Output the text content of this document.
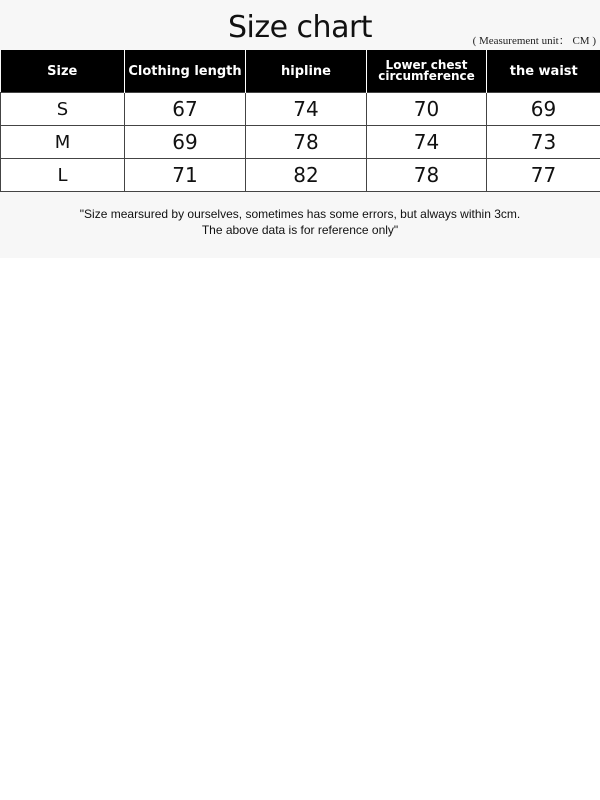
Size chart	( Measurement unit： CM )
Size	Clothing length	hipline	Lower chest circumference	the waist
S	67	74	70	69
M	69	78	74	73
L	71	82	78	77
"Size mearsured by ourselves, sometimes has some errors, but always within 3cm.
The above data is for reference only"
